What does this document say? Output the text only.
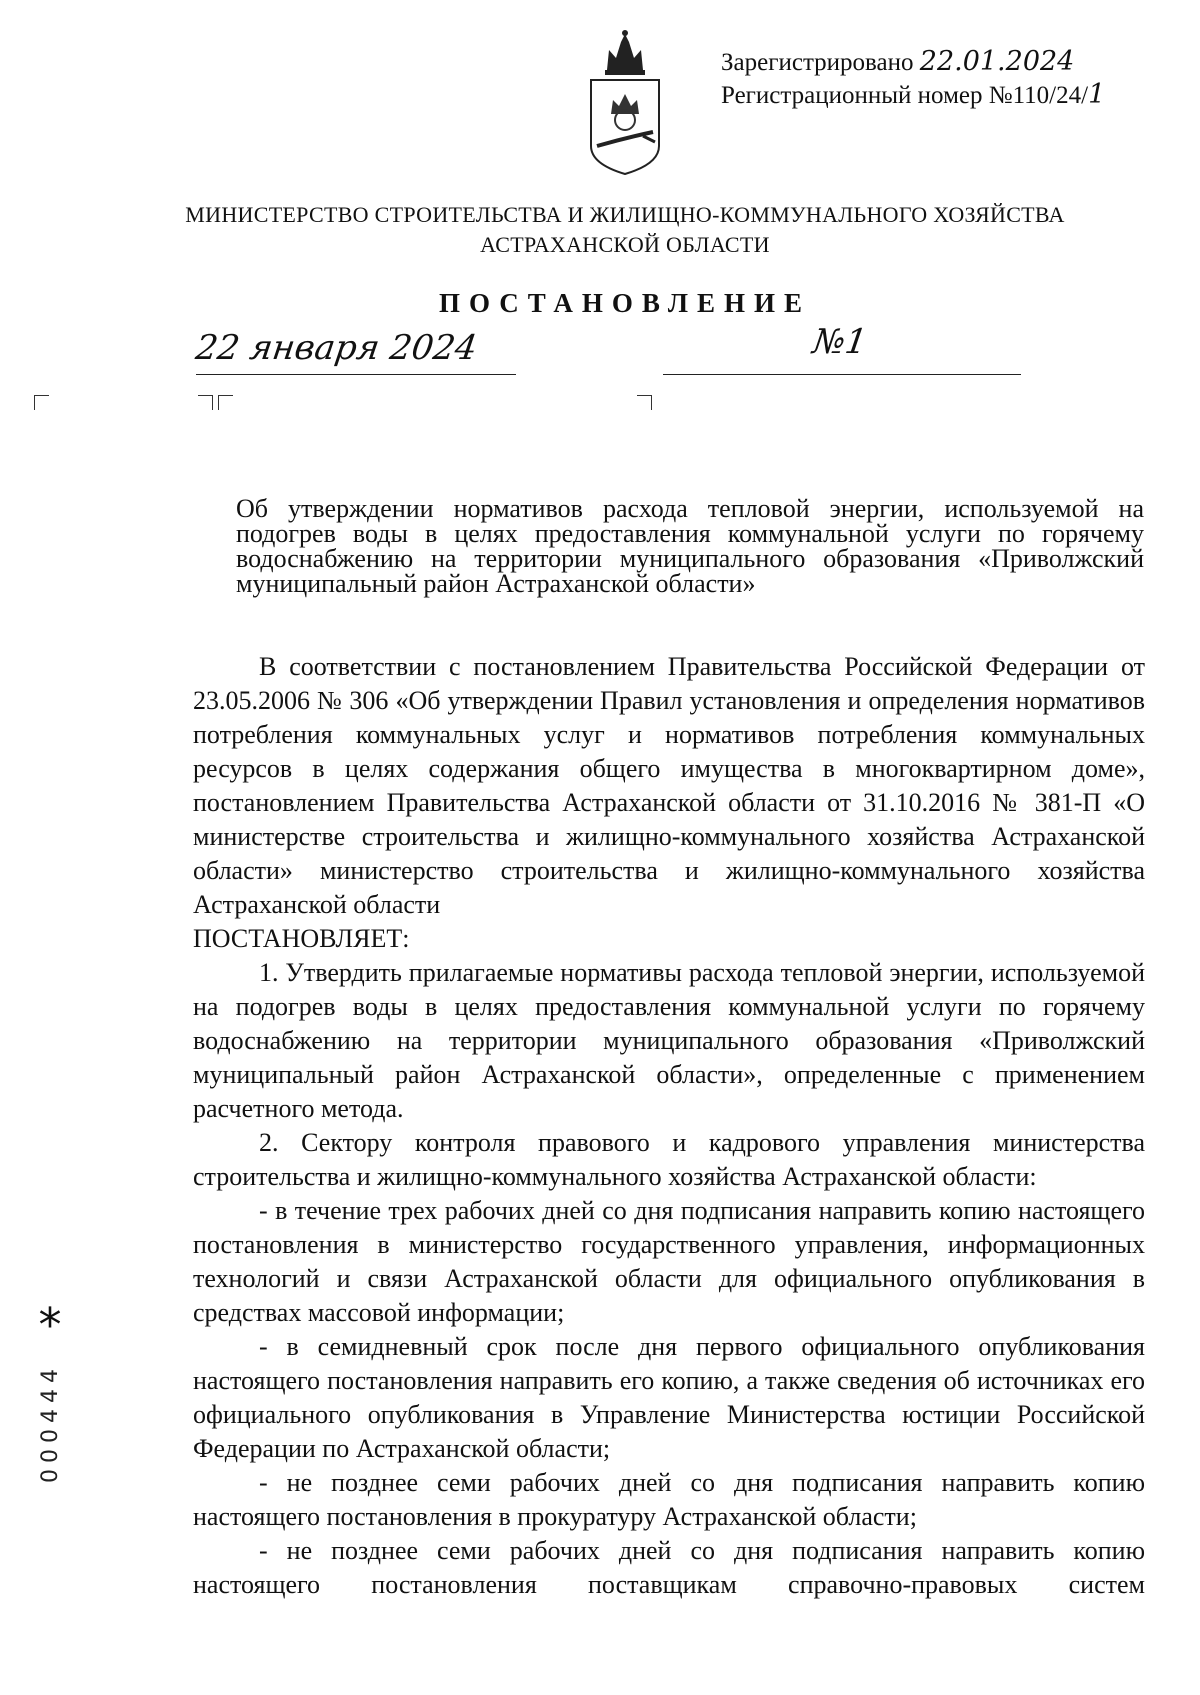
Зарегистрировано 22.01.2024
Регистрационный номер №110/24/1
МИНИСТЕРСТВО СТРОИТЕЛЬСТВА И ЖИЛИЩНО-КОММУНАЛЬНОГО ХОЗЯЙСТВА
АСТРАХАНСКОЙ ОБЛАСТИ
ПОСТАНОВЛЕНИЕ
22 января 2024	№1
Об утверждении нормативов расхода тепловой энергии, используемой на подогрев воды в целях предоставления коммунальной услуги по горячему водоснабжению на территории муниципального образования «Приволжский муниципальный район Астраханской области»

В соответствии с постановлением Правительства Российской Федерации от 23.05.2006 № 306 «Об утверждении Правил установления и определения нормативов потребления коммунальных услуг и нормативов потребления коммунальных ресурсов в целях содержания общего имущества в многоквартирном доме», постановлением Правительства Астраханской области от 31.10.2016 № 381-П «О министерстве строительства и жилищно-коммунального хозяйства Астраханской области» министерство строительства и жилищно-коммунального хозяйства Астраханской области

ПОСТАНОВЛЯЕТ:

1. Утвердить прилагаемые нормативы расхода тепловой энергии, используемой на подогрев воды в целях предоставления коммунальной услуги по горячему водоснабжению на территории муниципального образования «Приволжский муниципальный район Астраханской области», определенные с применением расчетного метода.

2. Сектору контроля правового и кадрового управления министерства строительства и жилищно-коммунального хозяйства Астраханской области:

- в течение трех рабочих дней со дня подписания направить копию настоящего постановления в министерство государственного управления, информационных технологий и связи Астраханской области для официального опубликования в средствах массовой информации;

- в семидневный срок после дня первого официального опубликования настоящего постановления направить его копию, а также сведения об источниках его официального опубликования в Управление Министерства юстиции Российской Федерации по Астраханской области;

- не позднее семи рабочих дней со дня подписания направить копию настоящего постановления в прокуратуру Астраханской области;

- не позднее семи рабочих дней со дня подписания направить копию настоящего постановления поставщикам справочно-правовых систем

*
000444
